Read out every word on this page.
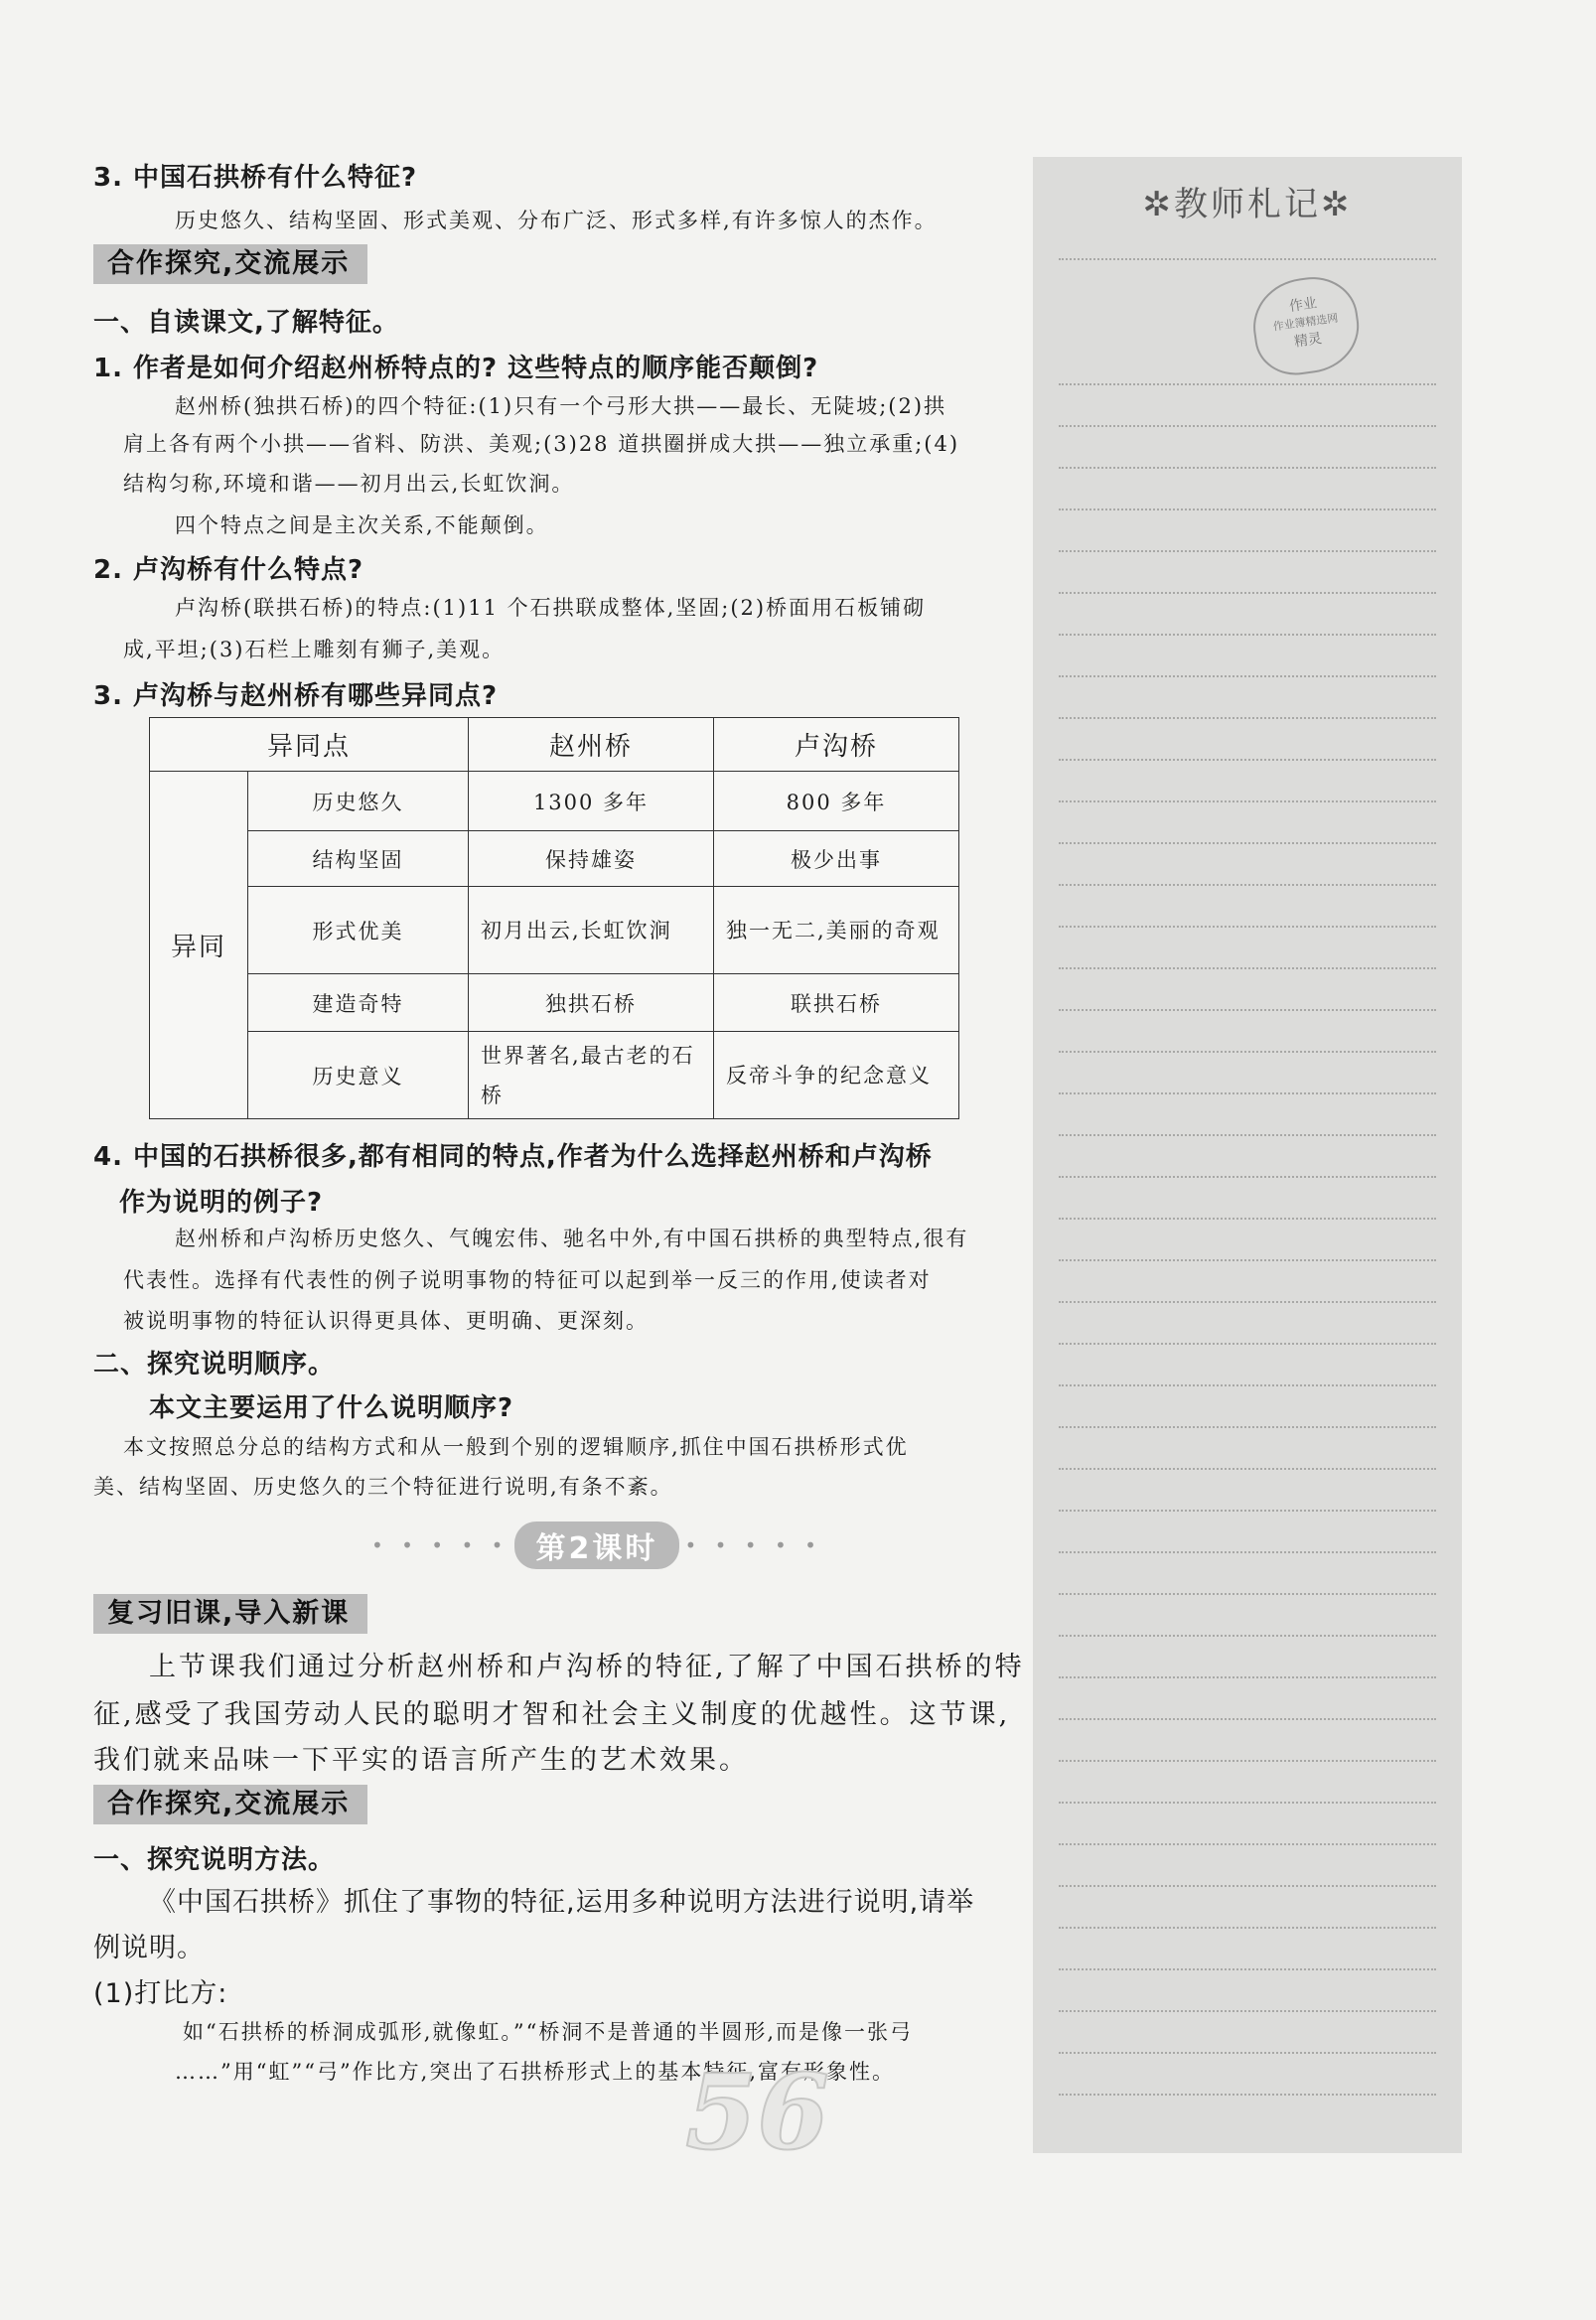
3. 中国石拱桥有什么特征?
历史悠久、结构坚固、形式美观、分布广泛、形式多样,有许多惊人的杰作。
合作探究,交流展示
一、自读课文,了解特征。
1. 作者是如何介绍赵州桥特点的? 这些特点的顺序能否颠倒?
赵州桥(独拱石桥)的四个特征:(1)只有一个弓形大拱——最长、无陡坡;(2)拱
肩上各有两个小拱——省料、防洪、美观;(3)28 道拱圈拼成大拱——独立承重;(4)
结构匀称,环境和谐——初月出云,长虹饮涧。
四个特点之间是主次关系,不能颠倒。
2. 卢沟桥有什么特点?
卢沟桥(联拱石桥)的特点:(1)11 个石拱联成整体,坚固;(2)桥面用石板铺砌
成,平坦;(3)石栏上雕刻有狮子,美观。
3. 卢沟桥与赵州桥有哪些异同点?
异同点		赵州桥	卢沟桥
异同	历史悠久	1300 多年	800 多年
	结构坚固	保持雄姿	极少出事
	形式优美	初月出云,长虹饮涧	独一无二,美丽的奇观
	建造奇特	独拱石桥	联拱石桥
	历史意义	世界著名,最古老的石桥	反帝斗争的纪念意义
4. 中国的石拱桥很多,都有相同的特点,作者为什么选择赵州桥和卢沟桥
作为说明的例子?
赵州桥和卢沟桥历史悠久、气魄宏伟、驰名中外,有中国石拱桥的典型特点,很有
代表性。选择有代表性的例子说明事物的特征可以起到举一反三的作用,使读者对
被说明事物的特征认识得更具体、更明确、更深刻。
二、探究说明顺序。
本文主要运用了什么说明顺序?
本文按照总分总的结构方式和从一般到个别的逻辑顺序,抓住中国石拱桥形式优
美、结构坚固、历史悠久的三个特征进行说明,有条不紊。
• • • • • 第2课时 • • • • •
复习旧课,导入新课
上节课我们通过分析赵州桥和卢沟桥的特征,了解了中国石拱桥的特
征,感受了我国劳动人民的聪明才智和社会主义制度的优越性。这节课,
我们就来品味一下平实的语言所产生的艺术效果。
合作探究,交流展示
一、探究说明方法。
《中国石拱桥》抓住了事物的特征,运用多种说明方法进行说明,请举
例说明。
(1)打比方:
如“石拱桥的桥洞成弧形,就像虹。”“桥洞不是普通的半圆形,而是像一张弓
……”用“虹”“弓”作比方,突出了石拱桥形式上的基本特征,富有形象性。
56
✲教师札记✲
作业
作业簿精选网
精灵
